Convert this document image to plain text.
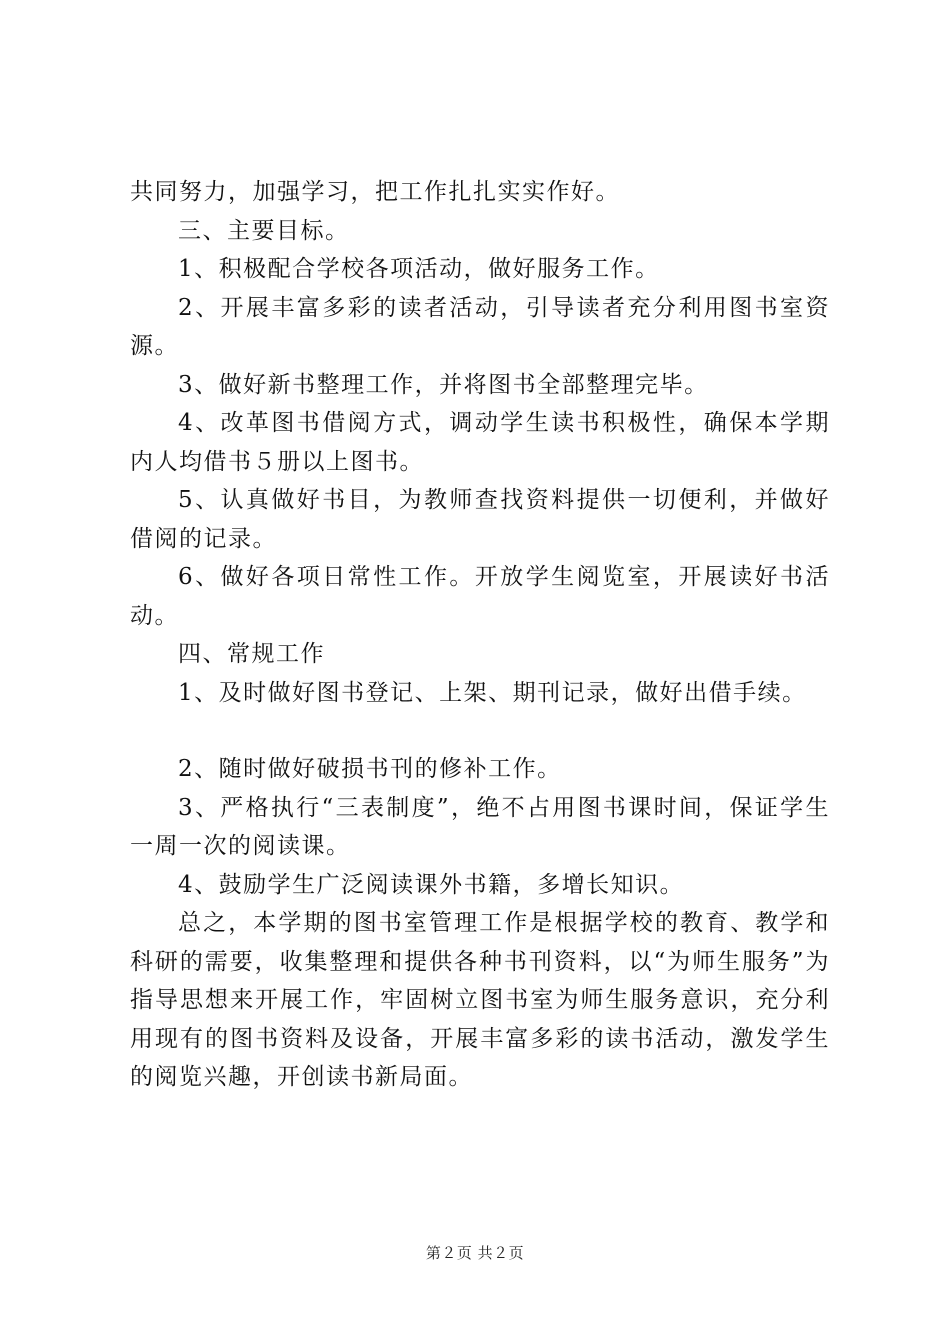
共同努力，加强学习，把工作扎扎实实作好。

三、主要目标。

1、积极配合学校各项活动，做好服务工作。

2、开展丰富多彩的读者活动，引导读者充分利用图书室资源。

3、做好新书整理工作，并将图书全部整理完毕。

4、改革图书借阅方式，调动学生读书积极性，确保本学期内人均借书５册以上图书。

5、认真做好书目，为教师查找资料提供一切便利，并做好借阅的记录。

6、做好各项日常性工作。开放学生阅览室，开展读好书活动。

四、常规工作

1、及时做好图书登记、上架、期刊记录，做好出借手续。

2、随时做好破损书刊的修补工作。

3、严格执行“三表制度”，绝不占用图书课时间，保证学生一周一次的阅读课。

4、鼓励学生广泛阅读课外书籍，多增长知识。

总之，本学期的图书室管理工作是根据学校的教育、教学和科研的需要，收集整理和提供各种书刊资料，以“为师生服务”为指导思想来开展工作，牢固树立图书室为师生服务意识，充分利用现有的图书资料及设备，开展丰富多彩的读书活动，激发学生的阅览兴趣，开创读书新局面。

第２页 共２页
